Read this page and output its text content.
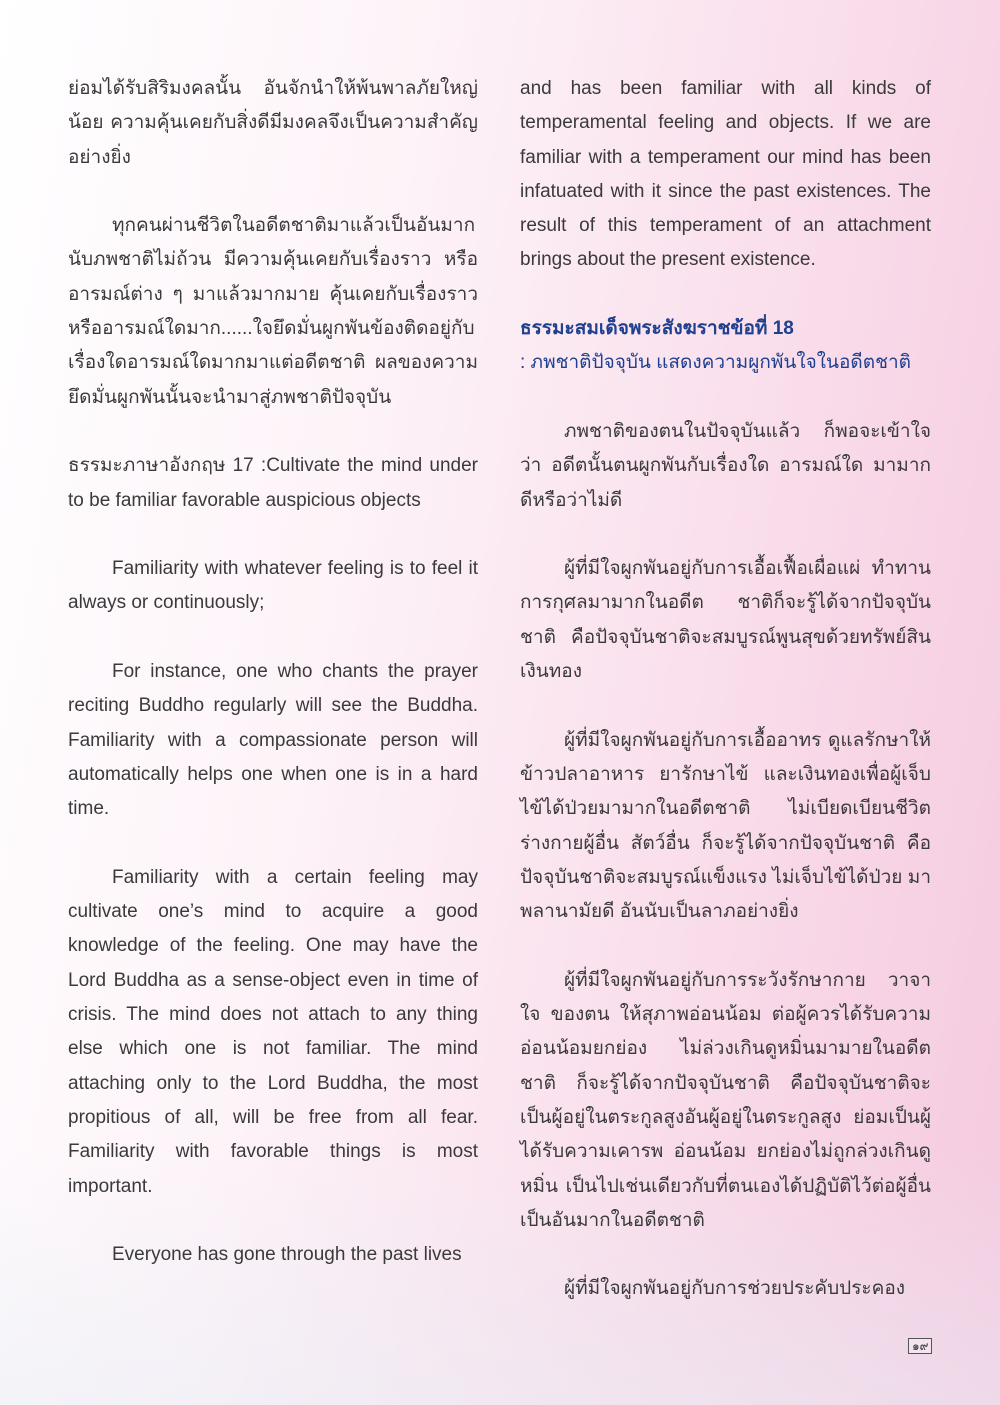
ย่อมได้รับสิริมงคลนั้น อันจักนำให้พ้นพาลภัยใหญ่น้อย ความคุ้นเคยกับสิ่งดีมีมงคลจึงเป็นความสำคัญอย่างยิ่ง

ทุกคนผ่านชีวิตในอดีตชาติมาแล้วเป็นอันมาก นับภพชาติไม่ถ้วน มีความคุ้นเคยกับเรื่องราว หรืออารมณ์ต่าง ๆ มาแล้วมากมาย คุ้นเคยกับเรื่องราวหรืออารมณ์ใดมาก......ใจยึดมั่นผูกพันข้องติดอยู่กับ เรื่องใดอารมณ์ใดมากมาแต่อดีตชาติ ผลของความยึดมั่นผูกพันนั้นจะนำมาสู่ภพชาติปัจจุบัน

ธรรมะภาษาอังกฤษ 17 :Cultivate the mind under to be familiar favorable auspicious objects

Familiarity with whatever feeling is to feel it always or continuously;

For instance, one who chants the prayer reciting Buddho regularly will see the Buddha. Familiarity with a compassionate person will automatically helps one when one is in a hard time.

Familiarity with a certain feeling may cultivate one’s mind to acquire a good knowledge of the feeling. One may have the Lord Buddha as a sense-object even in time of crisis. The mind does not attach to any thing else which one is not familiar. The mind attaching only to the Lord Buddha, the most propitious of all, will be free from all fear. Familiarity with favorable things is most important.

Everyone has gone through the past lives

and has been familiar with all kinds of temperamental feeling and objects. If we are familiar with a temperament our mind has been infatuated with it since the past existences. The result of this temperament of an attachment brings about the present existence.

ธรรมะสมเด็จพระสังฆราชข้อที่ 18
: ภพชาติปัจจุบัน แสดงความผูกพันใจในอดีตชาติ

ภพชาติของตนในปัจจุบันแล้ว ก็พอจะเข้าใจว่า อดีตนั้นตนผูกพันกับเรื่องใด อารมณ์ใด มามาก ดีหรือว่าไม่ดี

ผู้ที่มีใจผูกพันอยู่กับการเอื้อเฟื้อเผื่อแผ่ ทำทานการกุศลมามากในอดีต ชาติก็จะรู้ได้จากปัจจุบันชาติ คือปัจจุบันชาติจะสมบูรณ์พูนสุขด้วยทรัพย์สินเงินทอง

ผู้ที่มีใจผูกพันอยู่กับการเอื้ออาทร ดูแลรักษาให้ข้าวปลาอาหาร ยารักษาไข้ และเงินทองเพื่อผู้เจ็บไข้ได้ป่วยมามากในอดีตชาติ ไม่เบียดเบียนชีวิตร่างกายผู้อื่น สัตว์อื่น ก็จะรู้ได้จากปัจจุบันชาติ คือ ปัจจุบันชาติจะสมบูรณ์แข็งแรง ไม่เจ็บไข้ได้ป่วย มาพลานามัยดี อันนับเป็นลาภอย่างยิ่ง

ผู้ที่มีใจผูกพันอยู่กับการระวังรักษากาย วาจาใจ ของตน ให้สุภาพอ่อนน้อม ต่อผู้ควรได้รับความอ่อนน้อมยกย่อง ไม่ล่วงเกินดูหมิ่นมามายในอดีตชาติ ก็จะรู้ได้จากปัจจุบันชาติ คือปัจจุบันชาติจะเป็นผู้อยู่ในตระกูลสูงอันผู้อยู่ในตระกูลสูง ย่อมเป็นผู้ได้รับความเคารพ อ่อนน้อม ยกย่องไม่ถูกล่วงเกินดูหมิ่น เป็นไปเช่นเดียวกับที่ตนเองได้ปฏิบัติไว้ต่อผู้อื่นเป็นอันมากในอดีตชาติ

ผู้ที่มีใจผูกพันอยู่กับการช่วยประคับประคอง

๑๙
